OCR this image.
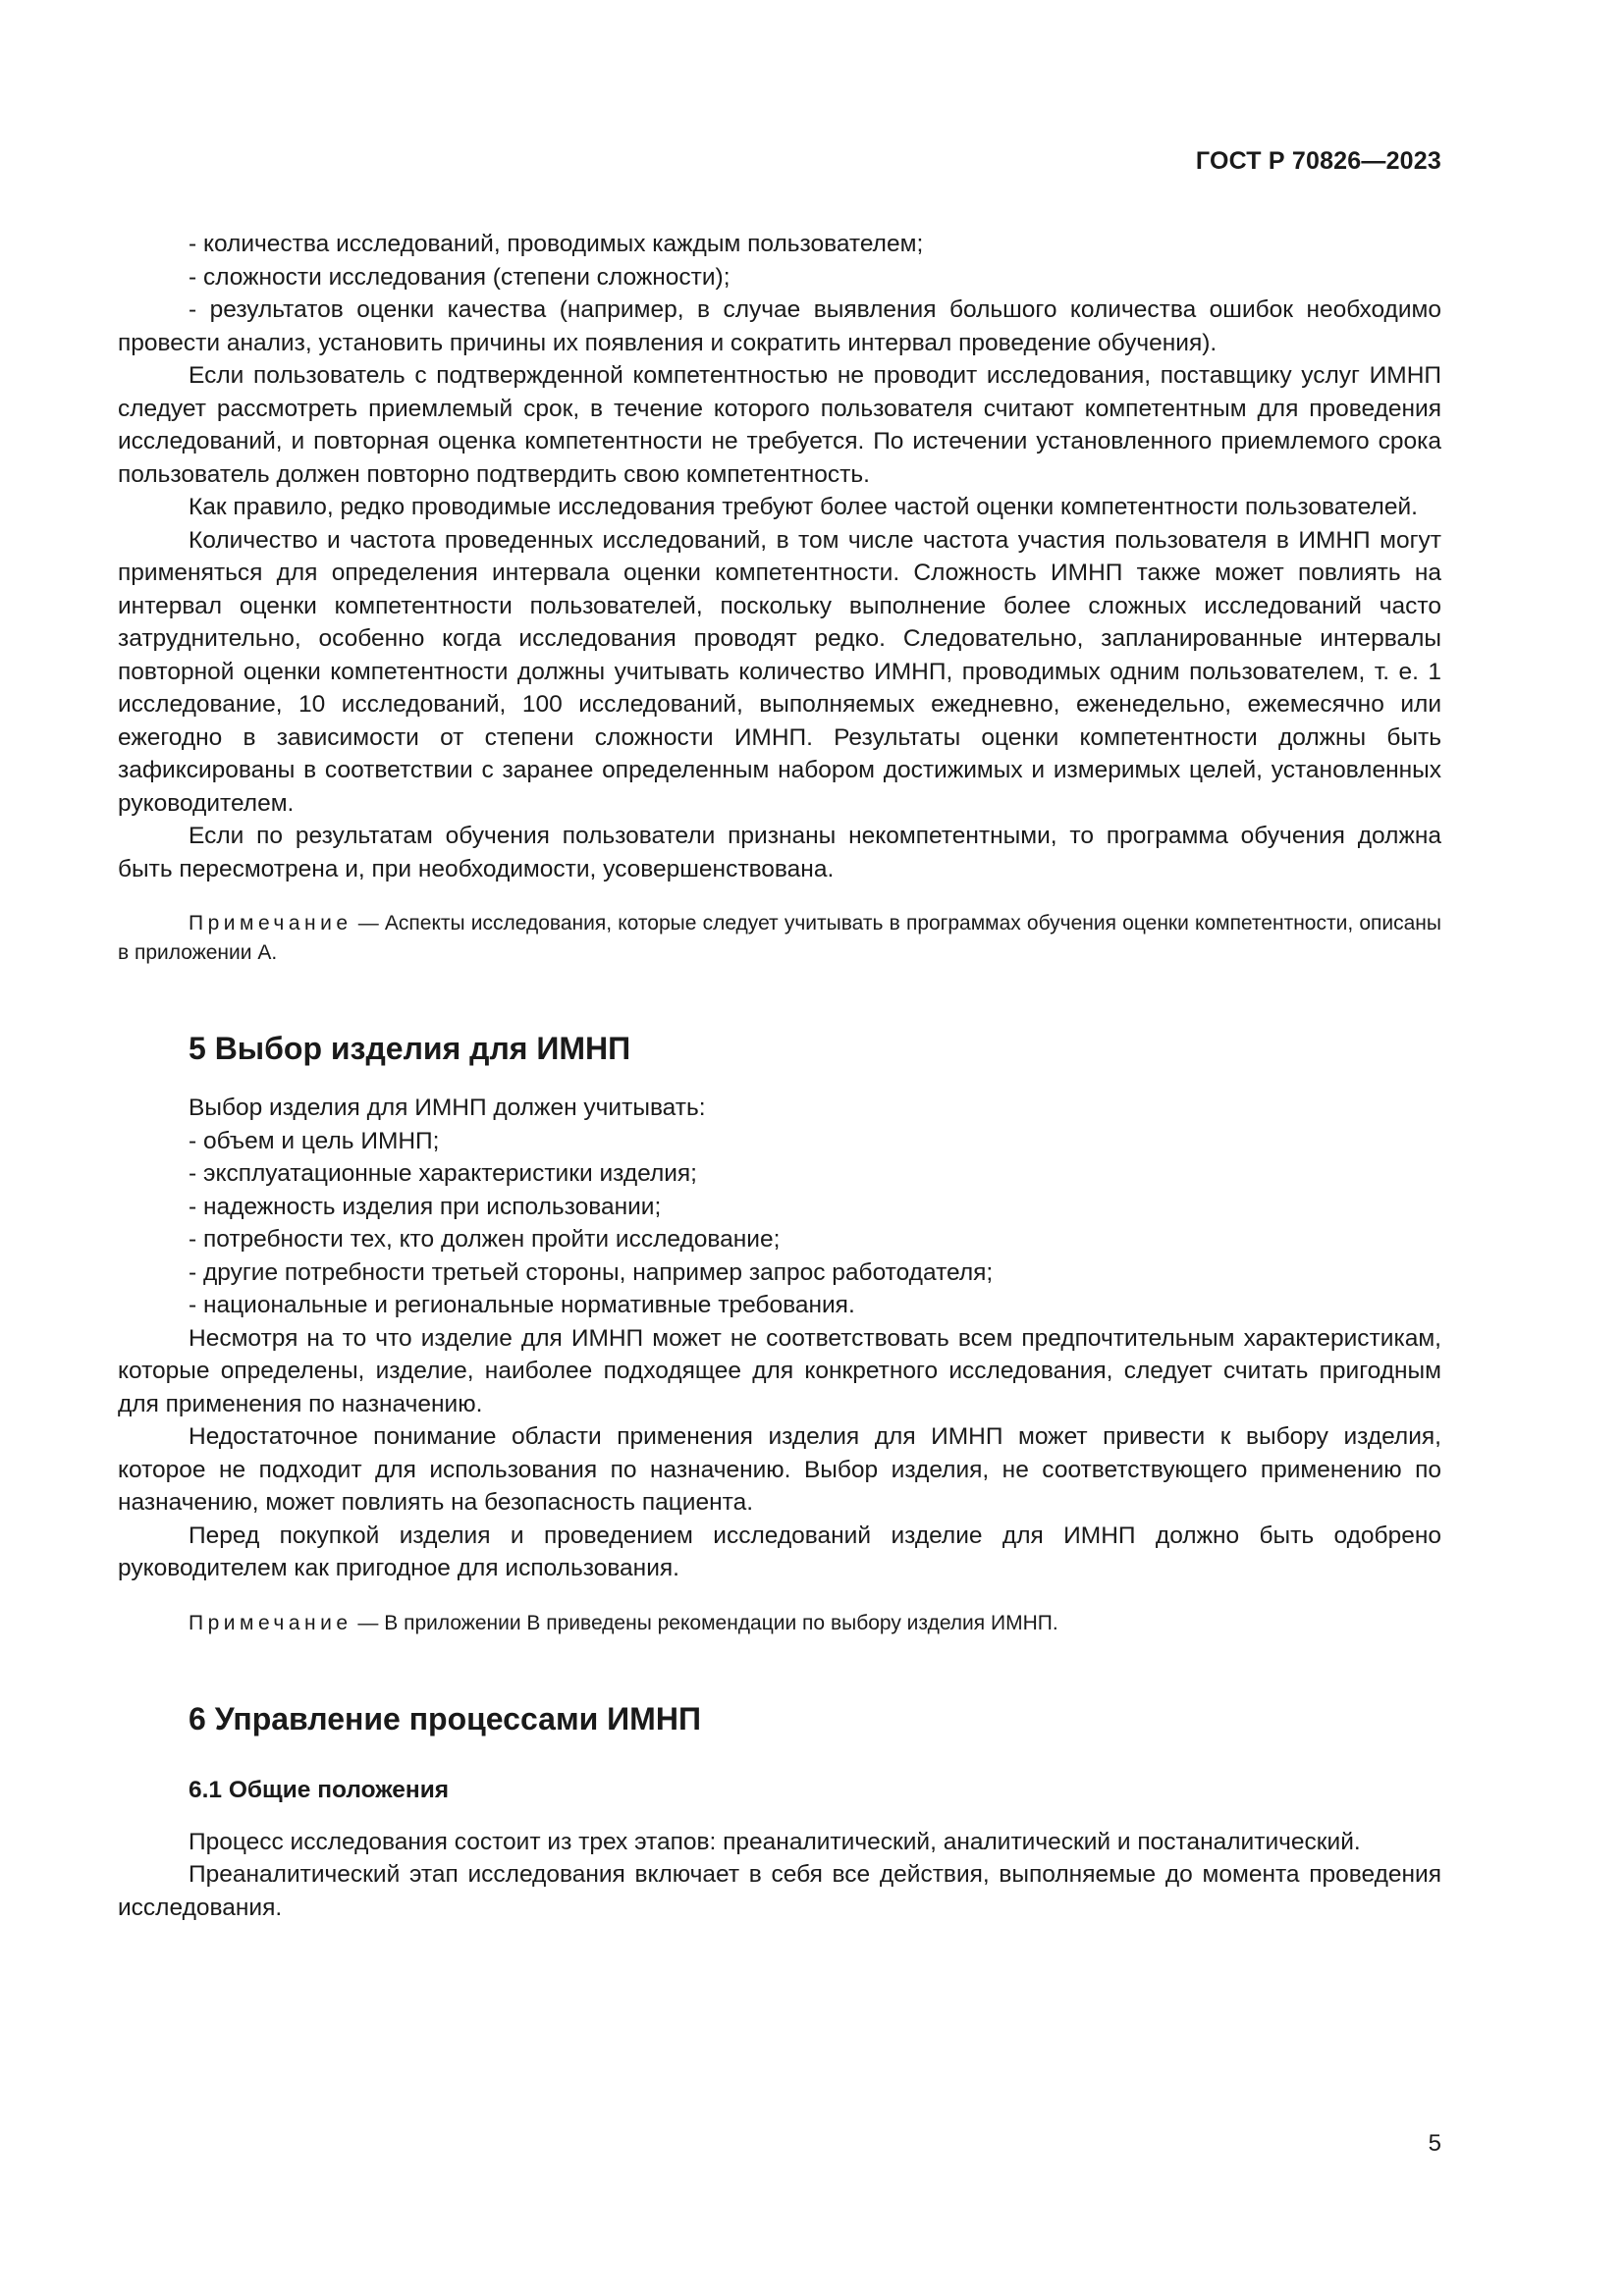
ГОСТ Р 70826—2023

- количества исследований, проводимых каждым пользователем;

- сложности исследования (степени сложности);

- результатов оценки качества (например, в случае выявления большого количества ошибок необходимо провести анализ, установить причины их появления и сократить интервал проведение обучения).

Если пользователь с подтвержденной компетентностью не проводит исследования, поставщику услуг ИМНП следует рассмотреть приемлемый срок, в течение которого пользователя считают компетентным для проведения исследований, и повторная оценка компетентности не требуется. По истечении установленного приемлемого срока пользователь должен повторно подтвердить свою компетентность.

Как правило, редко проводимые исследования требуют более частой оценки компетентности пользователей.

Количество и частота проведенных исследований, в том числе частота участия пользователя в ИМНП могут применяться для определения интервала оценки компетентности. Сложность ИМНП также может повлиять на интервал оценки компетентности пользователей, поскольку выполнение более сложных исследований часто затруднительно, особенно когда исследования проводят редко. Следовательно, запланированные интервалы повторной оценки компетентности должны учитывать количество ИМНП, проводимых одним пользователем, т. е. 1 исследование, 10 исследований, 100 исследований, выполняемых ежедневно, еженедельно, ежемесячно или ежегодно в зависимости от степени сложности ИМНП. Результаты оценки компетентности должны быть зафиксированы в соответствии с заранее определенным набором достижимых и измеримых целей, установленных руководителем.

Если по результатам обучения пользователи признаны некомпетентными, то программа обучения должна быть пересмотрена и, при необходимости, усовершенствована.

Примечание — Аспекты исследования, которые следует учитывать в программах обучения оценки компетентности, описаны в приложении А.

5 Выбор изделия для ИМНП

Выбор изделия для ИМНП должен учитывать:

- объем и цель ИМНП;

- эксплуатационные характеристики изделия;

- надежность изделия при использовании;

- потребности тех, кто должен пройти исследование;

- другие потребности третьей стороны, например запрос работодателя;

- национальные и региональные нормативные требования.

Несмотря на то что изделие для ИМНП может не соответствовать всем предпочтительным характеристикам, которые определены, изделие, наиболее подходящее для конкретного исследования, следует считать пригодным для применения по назначению.

Недостаточное понимание области применения изделия для ИМНП может привести к выбору изделия, которое не подходит для использования по назначению. Выбор изделия, не соответствующего применению по назначению, может повлиять на безопасность пациента.

Перед покупкой изделия и проведением исследований изделие для ИМНП должно быть одобрено руководителем как пригодное для использования.

Примечание — В приложении В приведены рекомендации по выбору изделия ИМНП.

6 Управление процессами ИМНП
6.1 Общие положения

Процесс исследования состоит из трех этапов: преаналитический, аналитический и постаналитический.

Преаналитический этап исследования включает в себя все действия, выполняемые до момента проведения исследования.

5
